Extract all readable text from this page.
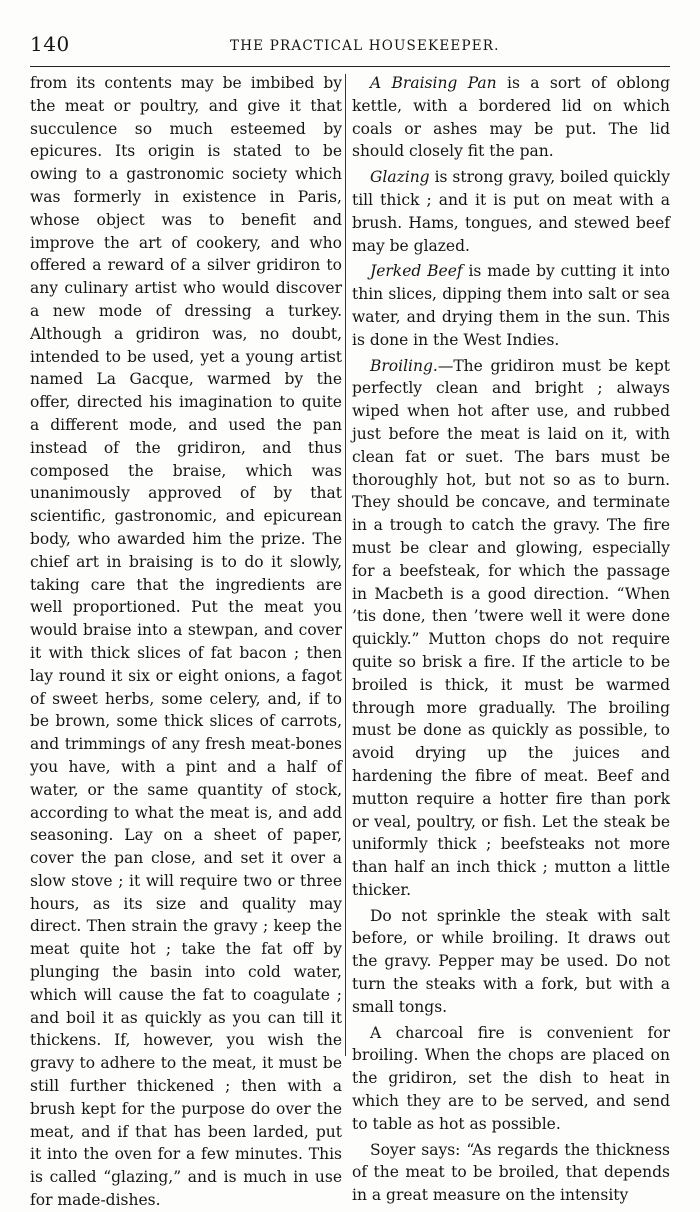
140	THE PRACTICAL HOUSEKEEPER.

from its contents may be imbibed by the meat or poultry, and give it that succulence so much esteemed by epicures. Its origin is stated to be owing to a gastronomic society which was formerly in existence in Paris, whose object was to benefit and improve the art of cookery, and who offered a reward of a silver gridiron to any culinary artist who would discover a new mode of dressing a turkey. Although a gridiron was, no doubt, intended to be used, yet a young artist named La Gacque, warmed by the offer, directed his imagination to quite a different mode, and used the pan instead of the gridiron, and thus composed the braise, which was unanimously approved of by that scientific, gastronomic, and epicurean body, who awarded him the prize. The chief art in braising is to do it slowly, taking care that the ingredients are well proportioned. Put the meat you would braise into a stewpan, and cover it with thick slices of fat bacon ; then lay round it six or eight onions, a fagot of sweet herbs, some celery, and, if to be brown, some thick slices of carrots, and trimmings of any fresh meat-bones you have, with a pint and a half of water, or the same quantity of stock, according to what the meat is, and add seasoning. Lay on a sheet of paper, cover the pan close, and set it over a slow stove ; it will require two or three hours, as its size and quality may direct. Then strain the gravy ; keep the meat quite hot ; take the fat off by plunging the basin into cold water, which will cause the fat to coagulate ; and boil it as quickly as you can till it thickens. If, however, you wish the gravy to adhere to the meat, it must be still further thickened ; then with a brush kept for the purpose do over the meat, and if that has been larded, put it into the oven for a few minutes. This is called “glazing,” and is much in use for made-dishes.

A Braising Pan is a sort of oblong kettle, with a bordered lid on which coals or ashes may be put. The lid should closely fit the pan.

Glazing is strong gravy, boiled quickly till thick ; and it is put on meat with a brush. Hams, tongues, and stewed beef may be glazed.

Jerked Beef is made by cutting it into thin slices, dipping them into salt or sea water, and drying them in the sun. This is done in the West Indies.

Broiling.—The gridiron must be kept perfectly clean and bright ; always wiped when hot after use, and rubbed just before the meat is laid on it, with clean fat or suet. The bars must be thoroughly hot, but not so as to burn. They should be concave, and terminate in a trough to catch the gravy. The fire must be clear and glowing, especially for a beefsteak, for which the passage in Macbeth is a good direction. “When ’tis done, then ’twere well it were done quickly.” Mutton chops do not require quite so brisk a fire. If the article to be broiled is thick, it must be warmed through more gradually. The broiling must be done as quickly as possible, to avoid drying up the juices and hardening the fibre of meat. Beef and mutton require a hotter fire than pork or veal, poultry, or fish. Let the steak be uniformly thick ; beefsteaks not more than half an inch thick ; mutton a little thicker.

Do not sprinkle the steak with salt before, or while broiling. It draws out the gravy. Pepper may be used. Do not turn the steaks with a fork, but with a small tongs.

A charcoal fire is convenient for broiling. When the chops are placed on the gridiron, set the dish to heat in which they are to be served, and send to table as hot as possible.

Soyer says: “As regards the thickness of the meat to be broiled, that depends in a great measure on the intensity
